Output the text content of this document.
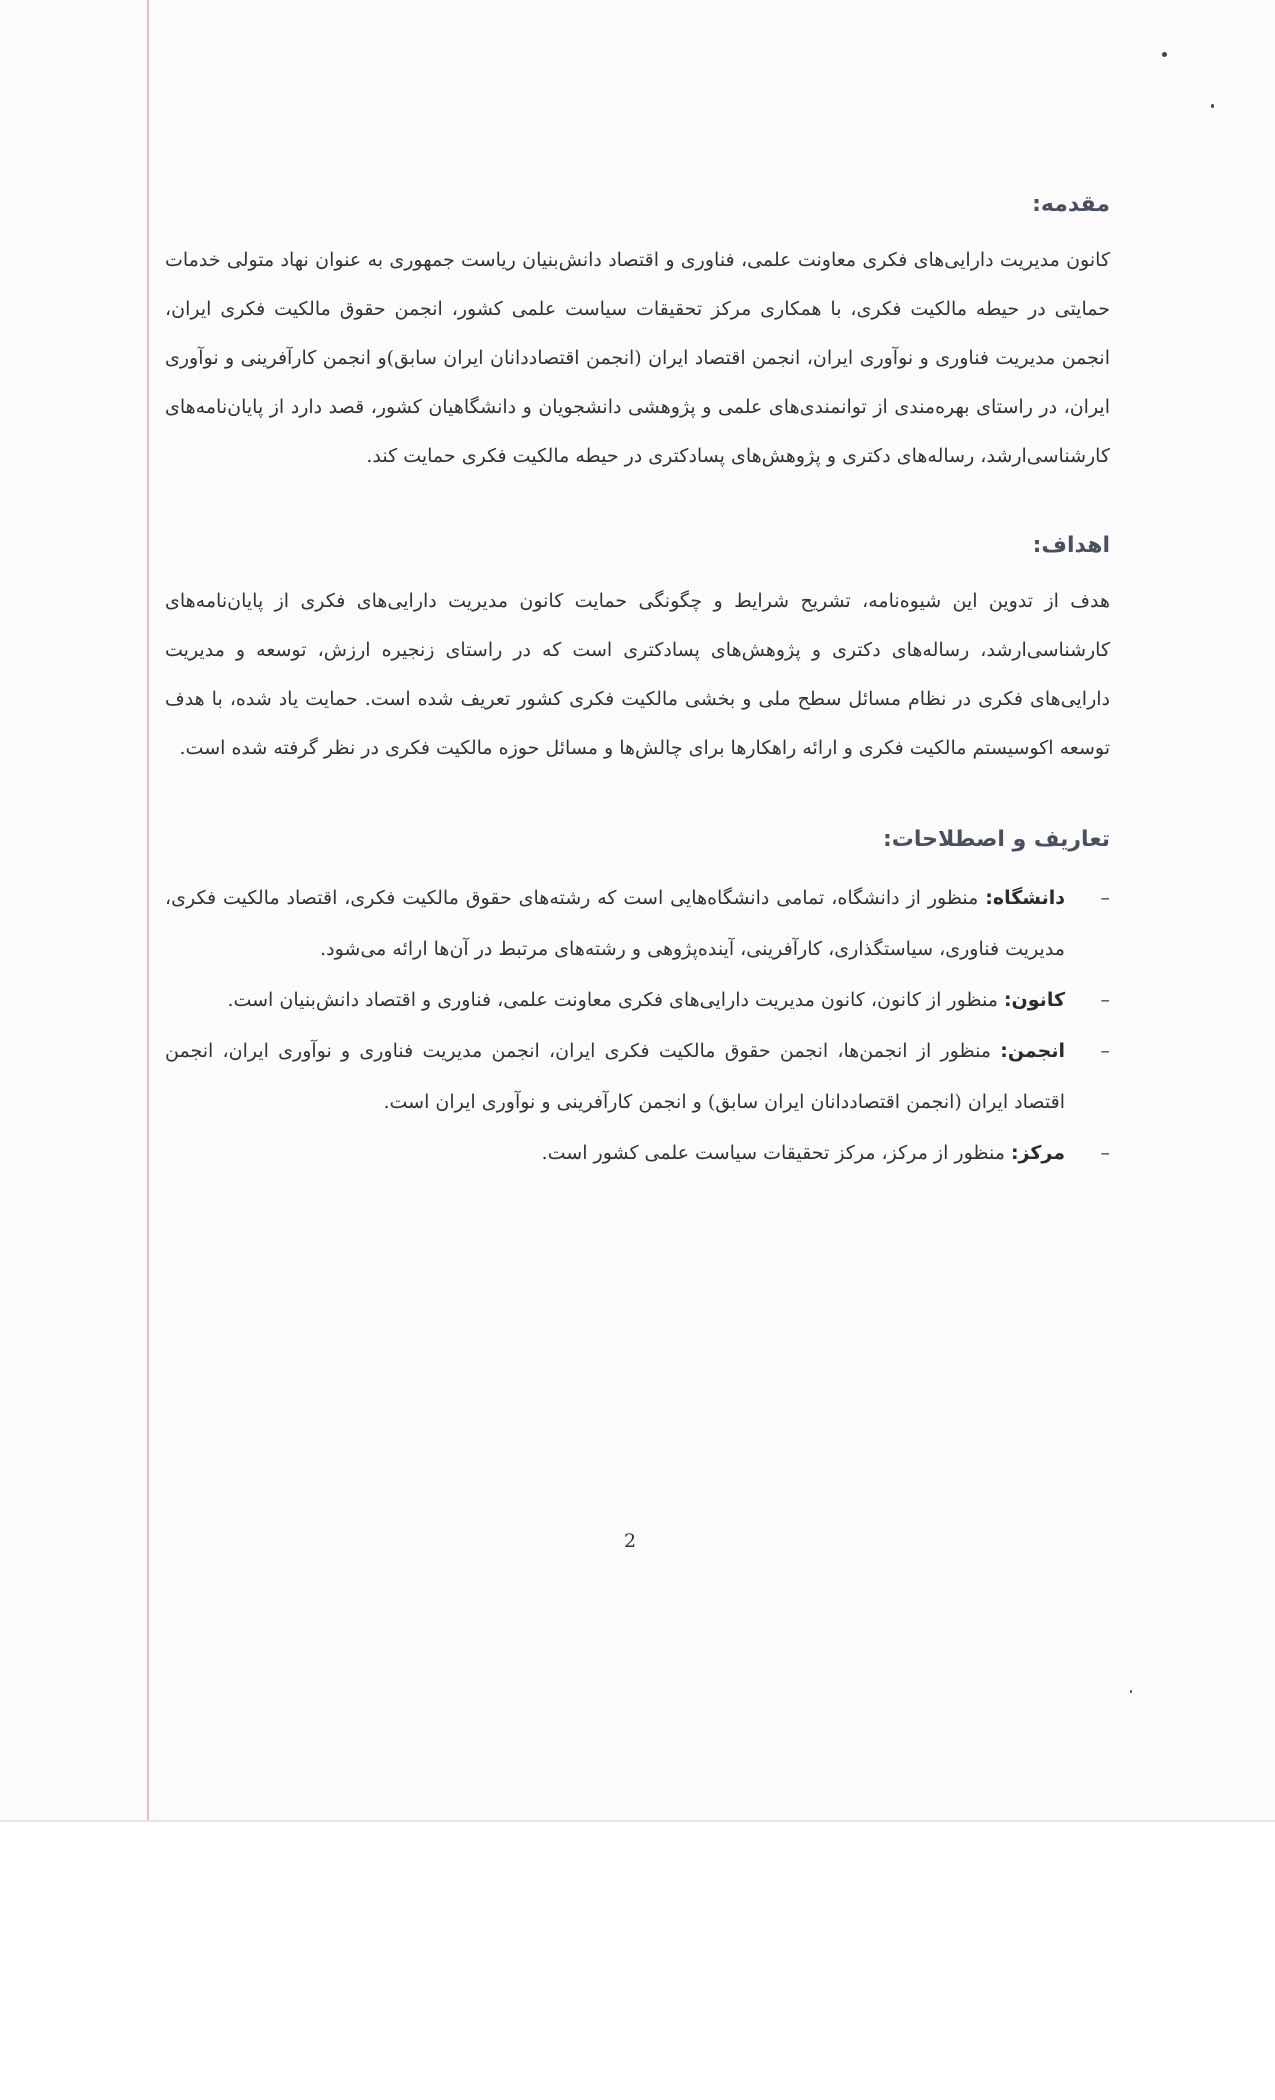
مقدمه:

کانون مدیریت دارایی‌های فکری معاونت علمی، فناوری و اقتصاد دانش‌بنیان ریاست جمهوری به عنوان نهاد متولی خدمات حمایتی در حیطه مالکیت فکری، با همکاری مرکز تحقیقات سیاست علمی کشور، انجمن حقوق مالکیت فکری ایران، انجمن مدیریت فناوری و نوآوری ایران، انجمن اقتصاد ایران (انجمن اقتصاددانان ایران سابق)و انجمن کارآفرینی و نوآوری ایران، در راستای بهره‌مندی از توانمندی‌های علمی و پژوهشی دانشجویان و دانشگاهیان کشور، قصد دارد از پایان‌نامه‌های کارشناسی‌ارشد، رساله‌های دکتری و پژوهش‌های پسادکتری در حیطه مالکیت فکری حمایت کند.

اهداف:

هدف از تدوین این شیوه‌نامه، تشریح شرایط و چگونگی حمایت کانون مدیریت دارایی‌های فکری از پایان‌نامه‌های کارشناسی‌ارشد، رساله‌های دکتری و پژوهش‌های پسادکتری است که در راستای زنجیره ارزش، توسعه و مدیریت دارایی‌های فکری در نظام مسائل سطح ملی و بخشی مالکیت فکری کشور تعریف شده است. حمایت یاد شده، با هدف توسعه اکوسیستم مالکیت فکری و ارائه راهکارها برای چالش‌ها و مسائل حوزه مالکیت فکری در نظر گرفته شده است.

تعاریف و اصطلاحات:
–
دانشگاه: منظور از دانشگاه، تمامی دانشگاه‌هایی است که رشته‌های حقوق مالکیت فکری، اقتصاد مالکیت فکری، مدیریت فناوری، سیاستگذاری، کارآفرینی، آینده‌پژوهی و رشته‌های مرتبط در آن‌ها ارائه می‌شود.
–
کانون: منظور از کانون، کانون مدیریت دارایی‌های فکری معاونت علمی، فناوری و اقتصاد دانش‌بنیان است.
–
انجمن: منظور از انجمن‌ها، انجمن حقوق مالکیت فکری ایران، انجمن مدیریت فناوری و نوآوری ایران، انجمن اقتصاد ایران (انجمن اقتصاددانان ایران سابق) و انجمن کارآفرینی و نوآوری ایران است.
–
مرکز: منظور از مرکز، مرکز تحقیقات سیاست علمی کشور است.
2
